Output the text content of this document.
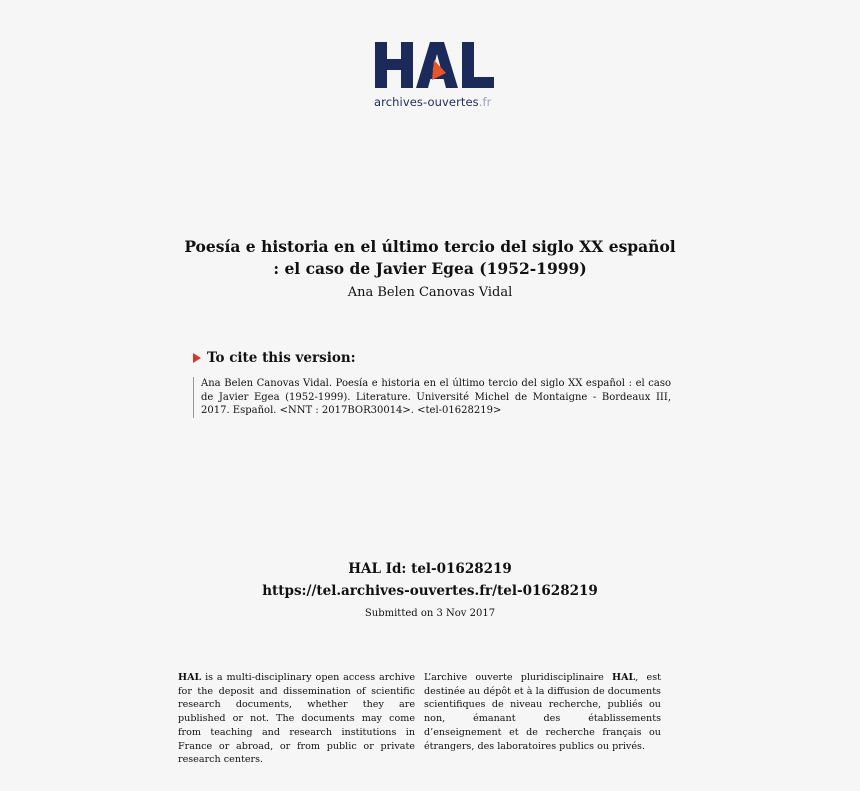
archives-ouvertes.fr
Poesía e historia en el último tercio del siglo XX español
: el caso de Javier Egea (1952-1999)
Ana Belen Canovas Vidal
To cite this version:
Ana Belen Canovas Vidal. Poesía e historia en el último tercio del siglo XX español : el caso de Javier Egea (1952-1999). Literature. Université Michel de Montaigne - Bordeaux III, 2017. Español. <NNT : 2017BOR30014>. <tel-01628219>
HAL Id: tel-01628219
https://tel.archives-ouvertes.fr/tel-01628219
Submitted on 3 Nov 2017
HAL is a multi-disciplinary open access archive for the deposit and dissemination of scientific research documents, whether they are published or not. The documents may come from teaching and research institutions in France or abroad, or from public or private research centers.
L’archive ouverte pluridisciplinaire HAL, est destinée au dépôt et à la diffusion de documents scientifiques de niveau recherche, publiés ou non, émanant des établissements d’enseignement et de recherche français ou étrangers, des laboratoires publics ou privés.
